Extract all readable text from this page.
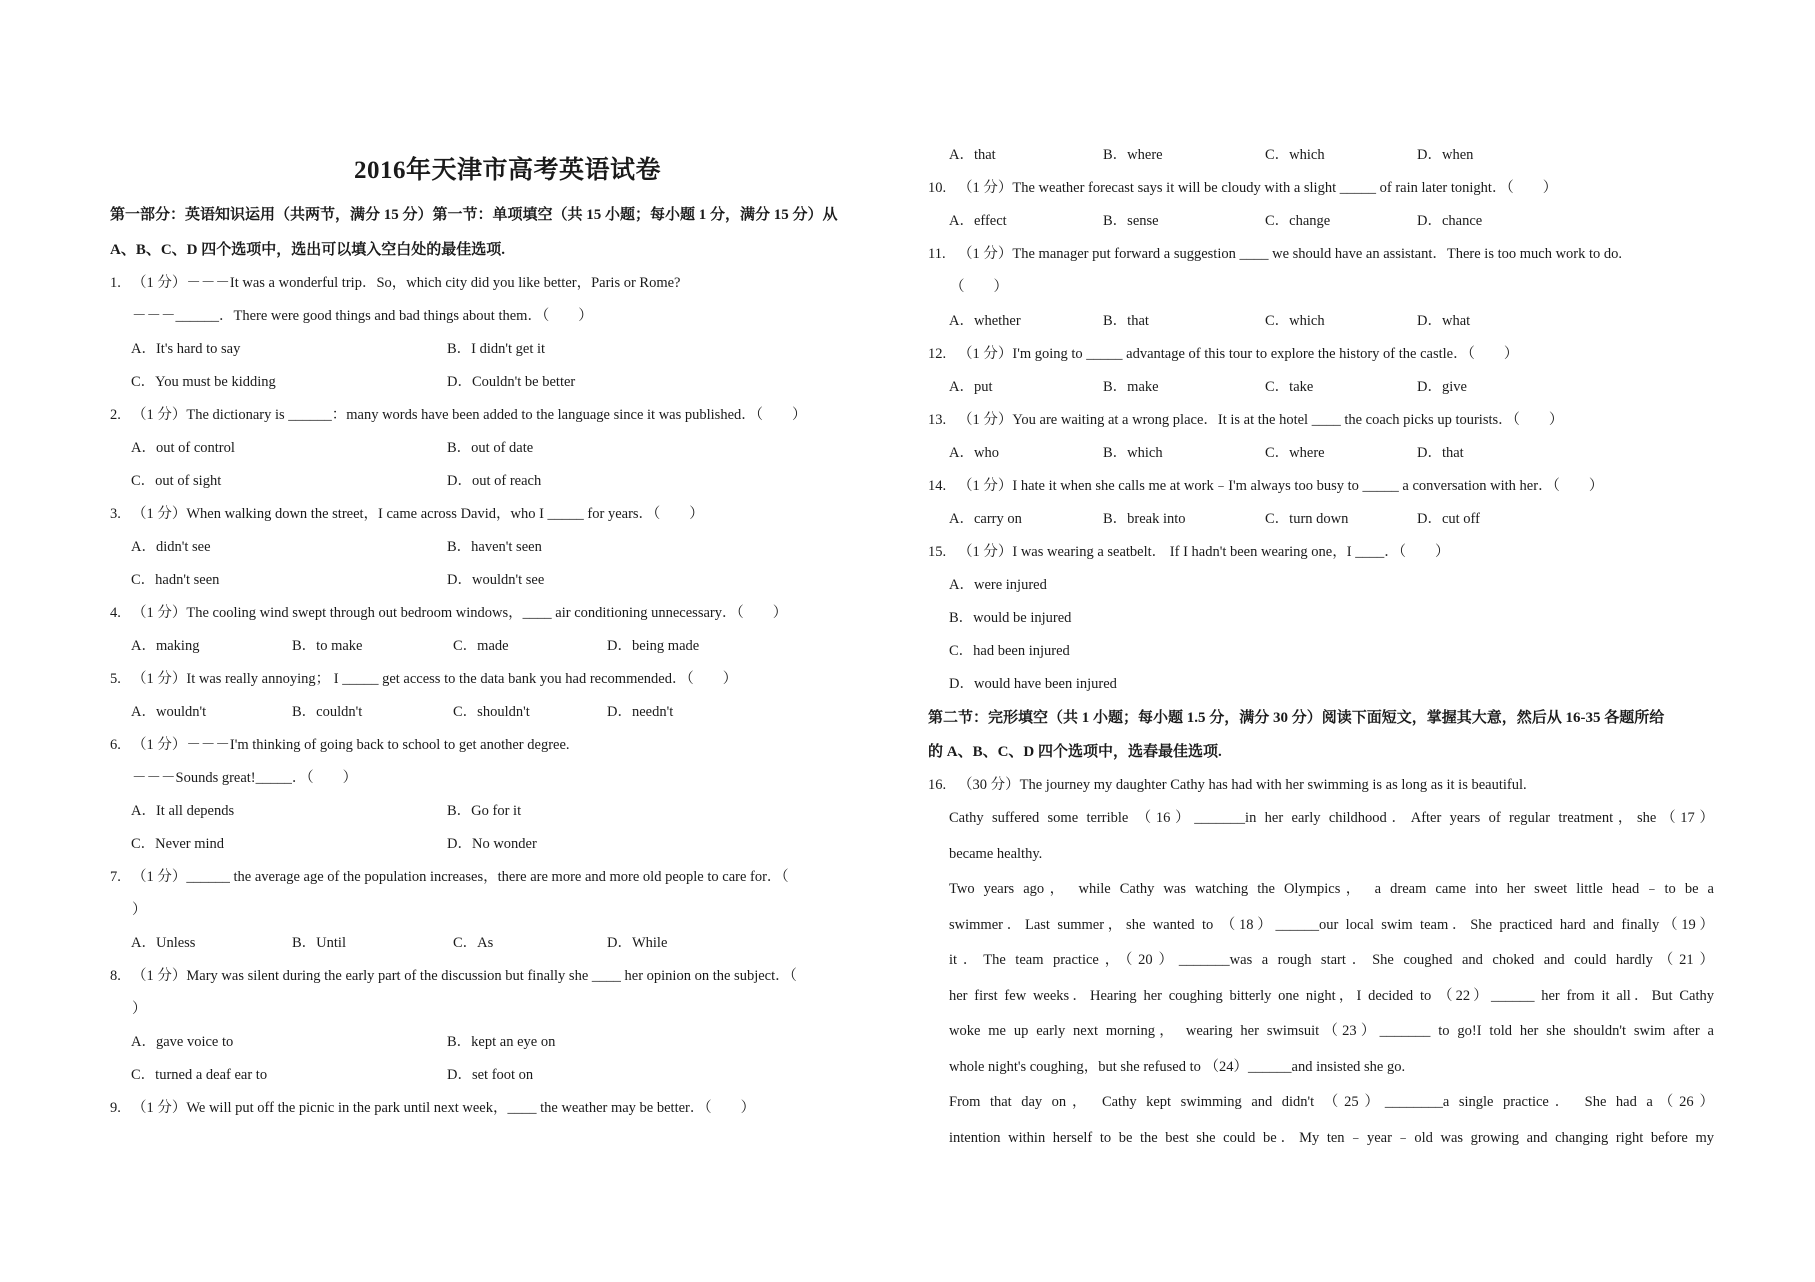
2016年天津市高考英语试卷
第一部分：英语知识运用（共两节，满分 15 分）第一节：单项填空（共 15 小题；每小题 1 分，满分 15 分）从
A、B、C、D 四个选项中，选出可以填入空白处的最佳选项.
1. （1 分）－－－It was a wonderful trip．So，which city did you like better，Paris or Rome?
－－－______．There were good things and bad things about them．（　　）
A．It's hard to say	B．I didn't get it
C．You must be kidding	D．Couldn't be better
2. （1 分）The dictionary is ______：many words have been added to the language since it was published．（　　）
A．out of control	B．out of date
C．out of sight	D．out of reach
3. （1 分）When walking down the street，I came across David，who I _____ for years．（　　）
A．didn't see	B．haven't seen
C．hadn't seen	D．wouldn't see
4. （1 分）The cooling wind swept through out bedroom windows，____ air conditioning unnecessary．（　　）
A．making	B．to make	C．made	D．being made
5. （1 分）It was really annoying； I _____ get access to the data bank you had recommended．（　　）
A．wouldn't	B．couldn't	C．shouldn't	D．needn't
6. （1 分）－－－I'm thinking of going back to school to get another degree.
－－－Sounds great!_____．（　　）
A．It all depends	B．Go for it
C．Never mind	D．No wonder
7. （1 分）______ the average age of the population increases，there are more and more old people to care for．（
）
A．Unless	B．Until	C．As	D．While
8. （1 分）Mary was silent during the early part of the discussion but finally she ____ her opinion on the subject．（
）
A．gave voice to	B．kept an eye on
C．turned a deaf ear to	D．set foot on
9. （1 分）We will put off the picnic in the park until next week，____ the weather may be better．（　　）
A．that	B．where	C．which	D．when
10. （1 分）The weather forecast says it will be cloudy with a slight _____ of rain later tonight．（　　）
A．effect	B．sense	C．change	D．chance
11. （1 分）The manager put forward a suggestion ____ we should have an assistant．There is too much work to do.
（　　）
A．whether	B．that	C．which	D．what
12. （1 分）I'm going to _____ advantage of this tour to explore the history of the castle．（　　）
A．put	B．make	C．take	D．give
13. （1 分）You are waiting at a wrong place．It is at the hotel ____ the coach picks up tourists．（　　）
A．who	B．which	C．where	D．that
14. （1 分）I hate it when she calls me at work﹣I'm always too busy to _____ a conversation with her．（　　）
A．carry on	B．break into	C．turn down	D．cut off
15. （1 分）I was wearing a seatbelt． If I hadn't been wearing one，I ____．（　　）
A．were injured
B．would be injured
C．had been injured
D．would have been injured
第二节：完形填空（共 1 小题；每小题 1.5 分，满分 30 分）阅读下面短文，掌握其大意，然后从 16-35 各题所给
的 A、B、C、D 四个选项中，选春最佳选项.
16. （30 分）The journey my daughter Cathy has had with her swimming is as long as it is beautiful.
Cathy suffered some terrible （16）_______in her early childhood．After years of regular treatment，she（17）
became healthy.
Two years ago， while Cathy was watching the Olympics， a dream came into her sweet little head﹣to be a
swimmer．Last summer，she wanted to （18）______our local swim team．She practiced hard and finally（19）
it．The team practice，（20）_______was a rough start．She coughed and choked and could hardly（21）
her first few weeks．Hearing her coughing bitterly one night，I decided to （22）______ her from it all．But Cathy
woke me up early next morning， wearing her swimsuit（23）_______ to go!I told her she shouldn't swim after a
whole night's coughing，but she refused to （24）______and insisted she go.
From that day on， Cathy kept swimming and didn't （25）________a single practice． She had a（26）
intention within herself to be the best she could be．My ten﹣year﹣old was growing and changing right before my
